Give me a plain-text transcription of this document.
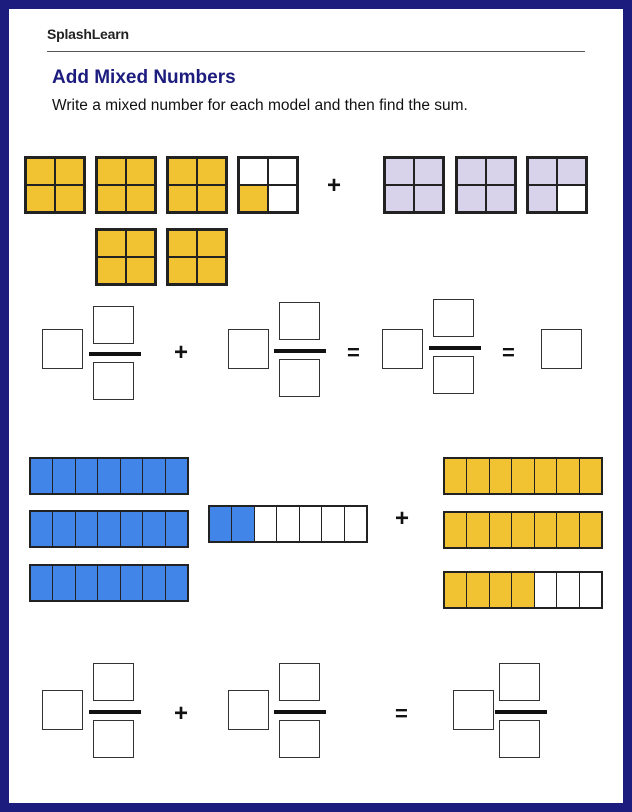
SplashLearn
Add Mixed Numbers
Write a mixed number for each model and then find the sum.
+
+	=	=
+
+	=
